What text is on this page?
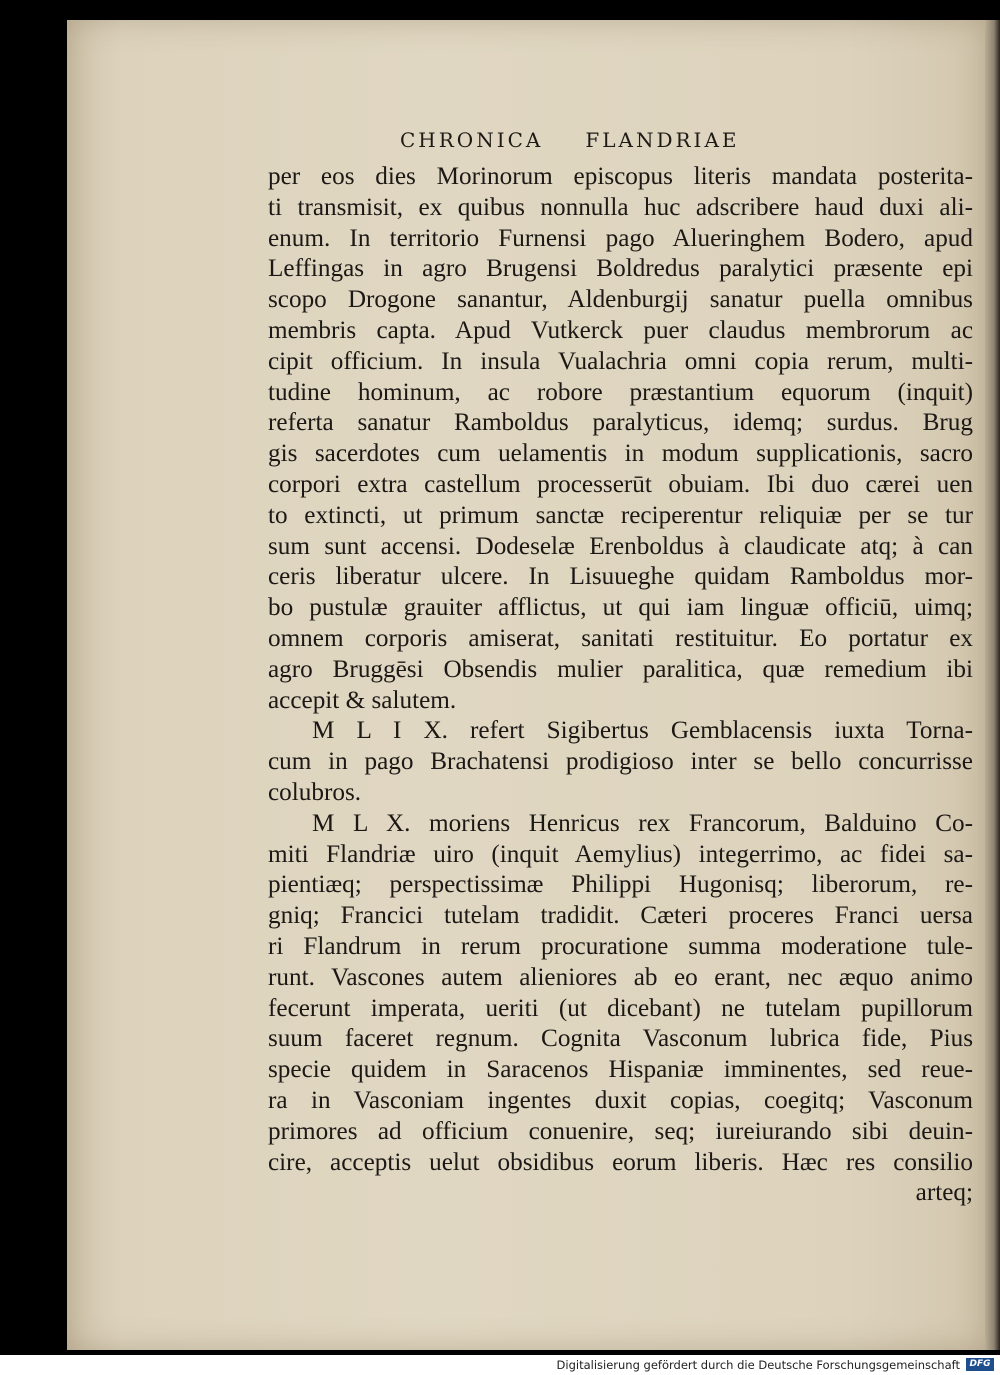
CHRONICA FLANDRIAE
per eos dies Morinorum episcopus literis mandata posterita-
ti transmisit, ex quibus nonnulla huc adscribere haud duxi ali-
enum. In territorio Furnensi pago Alueringhem Bodero, apud
Leffingas in agro Brugensi Boldredus paralytici præsente epi
scopo Drogone sanantur, Aldenburgij sanatur puella omnibus
membris capta. Apud Vutkerck puer claudus membrorum ac
cipit officium. In insula Vualachria omni copia rerum, multi-
tudine hominum, ac robore præstantium equorum (inquit)
referta sanatur Ramboldus paralyticus, idemq; surdus. Brug
gis sacerdotes cum uelamentis in modum supplicationis, sacro
corpori extra castellum processerūt obuiam. Ibi duo cærei uen
to extincti, ut primum sanctæ reciperentur reliquiæ per se tur
sum sunt accensi. Dodeselæ Erenboldus à claudicate atq; à can
ceris liberatur ulcere. In Lisuueghe quidam Ramboldus mor-
bo pustulæ grauiter afflictus, ut qui iam linguæ officiū, uimq;
omnem corporis amiserat, sanitati restituitur. Eo portatur ex
agro Bruggēsi Obsendis mulier paralitica, quæ remedium ibi
accepit & salutem.
M L I X. refert Sigibertus Gemblacensis iuxta Torna-
cum in pago Brachatensi prodigioso inter se bello concurrisse
colubros.
M L X. moriens Henricus rex Francorum, Balduino Co-
miti Flandriæ uiro (inquit Aemylius) integerrimo, ac fidei sa-
pientiæq; perspectissimæ Philippi Hugonisq; liberorum, re-
gniq; Francici tutelam tradidit. Cæteri proceres Franci uersa
ri Flandrum in rerum procuratione summa moderatione tule-
runt. Vascones autem alieniores ab eo erant, nec æquo animo
fecerunt imperata, ueriti (ut dicebant) ne tutelam pupillorum
suum faceret regnum. Cognita Vasconum lubrica fide, Pius
specie quidem in Saracenos Hispaniæ imminentes, sed reue-
ra in Vasconiam ingentes duxit copias, coegitq; Vasconum
primores ad officium conuenire, seq; iureiurando sibi deuin-
cire, acceptis uelut obsidibus eorum liberis. Hæc res consilio
arteq;
Digitalisierung gefördert durch die Deutsche Forschungsgemeinschaft	DFG
